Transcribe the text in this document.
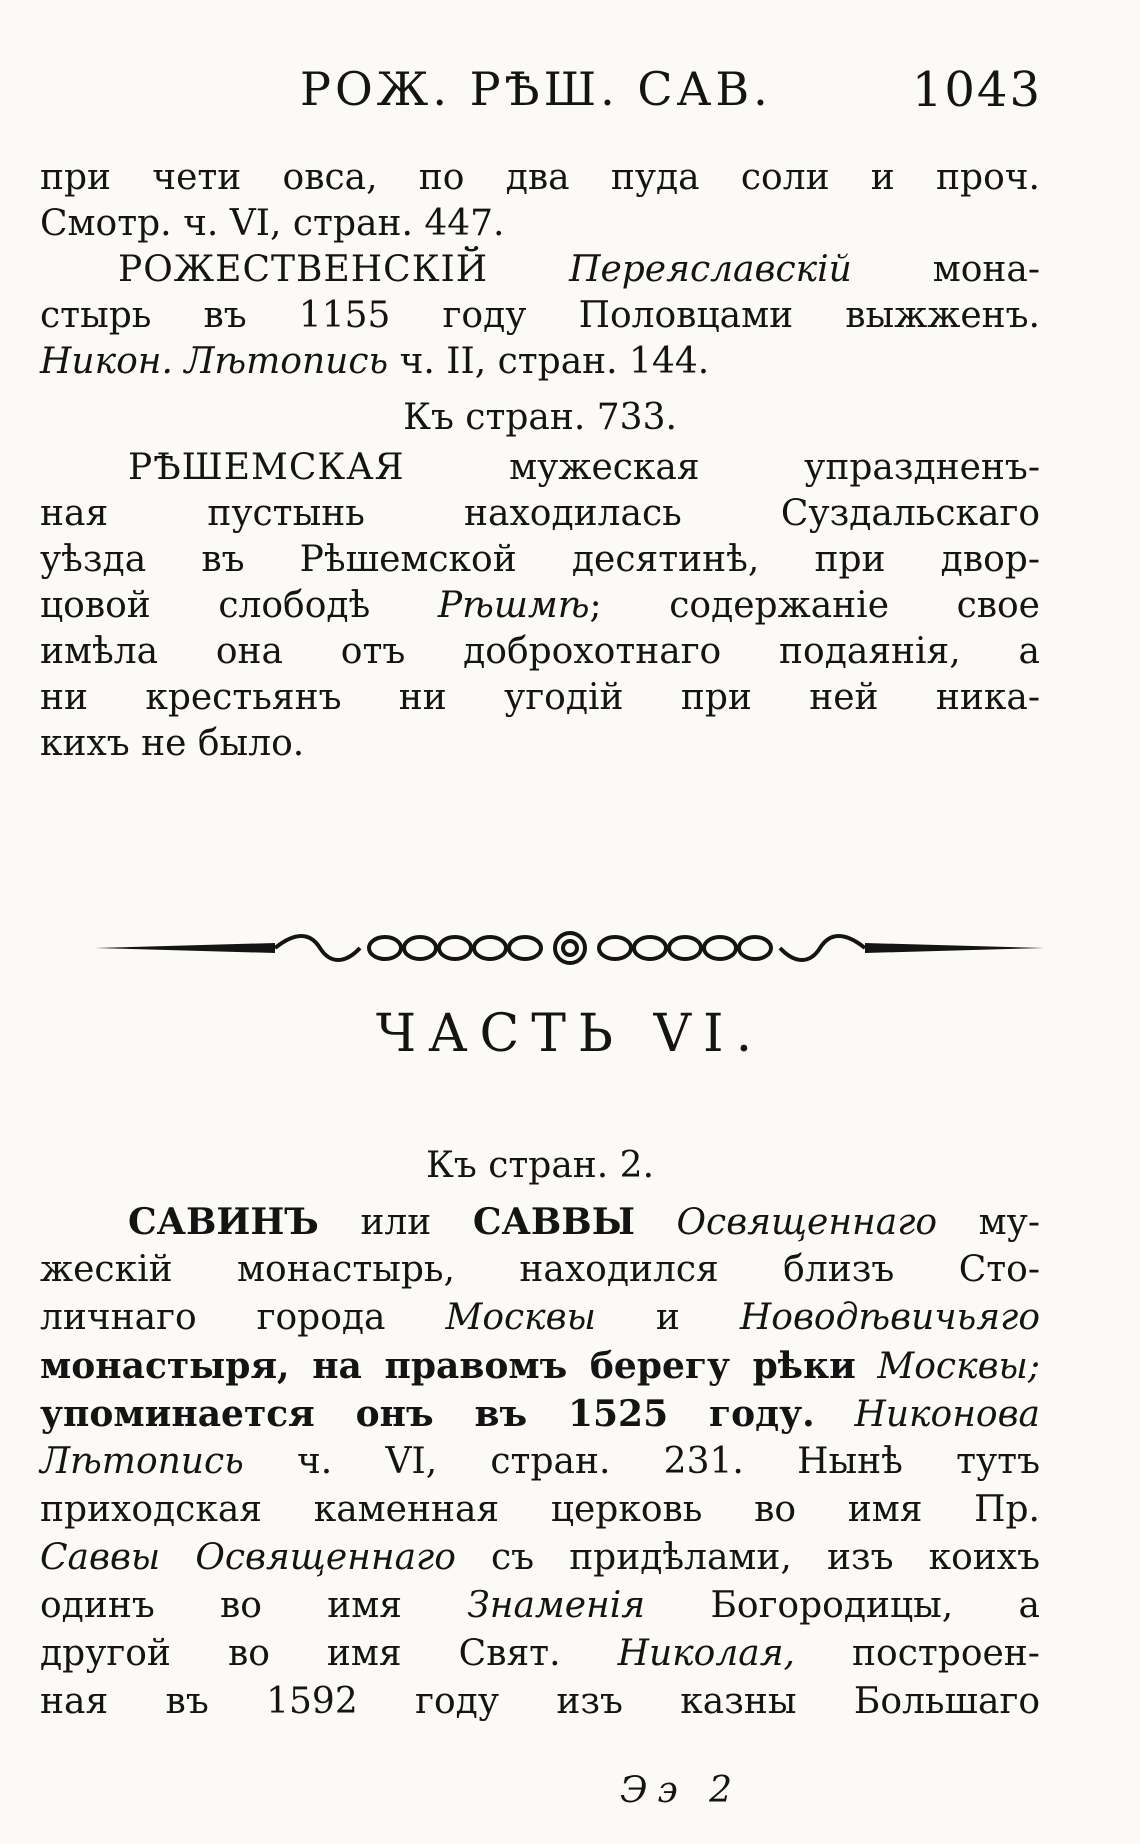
РОЖ. РѢШ. САВ.	1043
при чети овса, по два пуда соли и проч.
Смотр. ч. VI, стран. 447.
РОЖЕСТВЕНСКІЙ Переяславскій мона-
стырь въ 1155 году Половцами выжженъ.
Никон. Лѣтопись ч. II, стран. 144.
Къ стран. 733.
РѢШЕМСКАЯ	мужеская упраздненъ-
ная пустынь находилась Суздальскаго
уѣзда въ Рѣшемской десятинѣ, при двор-
цовой слободѣ Рѣшмѣ; содержаніе свое
имѣла она отъ доброхотнаго подаянія, а
ни крестьянъ ни угодій при ней ника-
кихъ не было.
ЧАСТЬ VI.
Къ стран. 2.
САВИНЪ или САВВЫ Освященнаго му-
жескій монастырь, находился близъ Сто-
личнаго города Москвы и Новодѣвичьяго
монастыря, на правомъ берегу рѣки Москвы;
упоминается онъ въ 1525 году. Никонова
Лѣтопись ч. VI, стран. 231. Нынѣ тутъ
приходская каменная церковь во имя Пр.
Саввы Освященнаго съ придѣлами, изъ коихъ
одинъ во имя Знаменія Богородицы, а
другой во имя Свят. Николая, построен-
ная въ 1592 году изъ казны Большаго
Ээ 2
